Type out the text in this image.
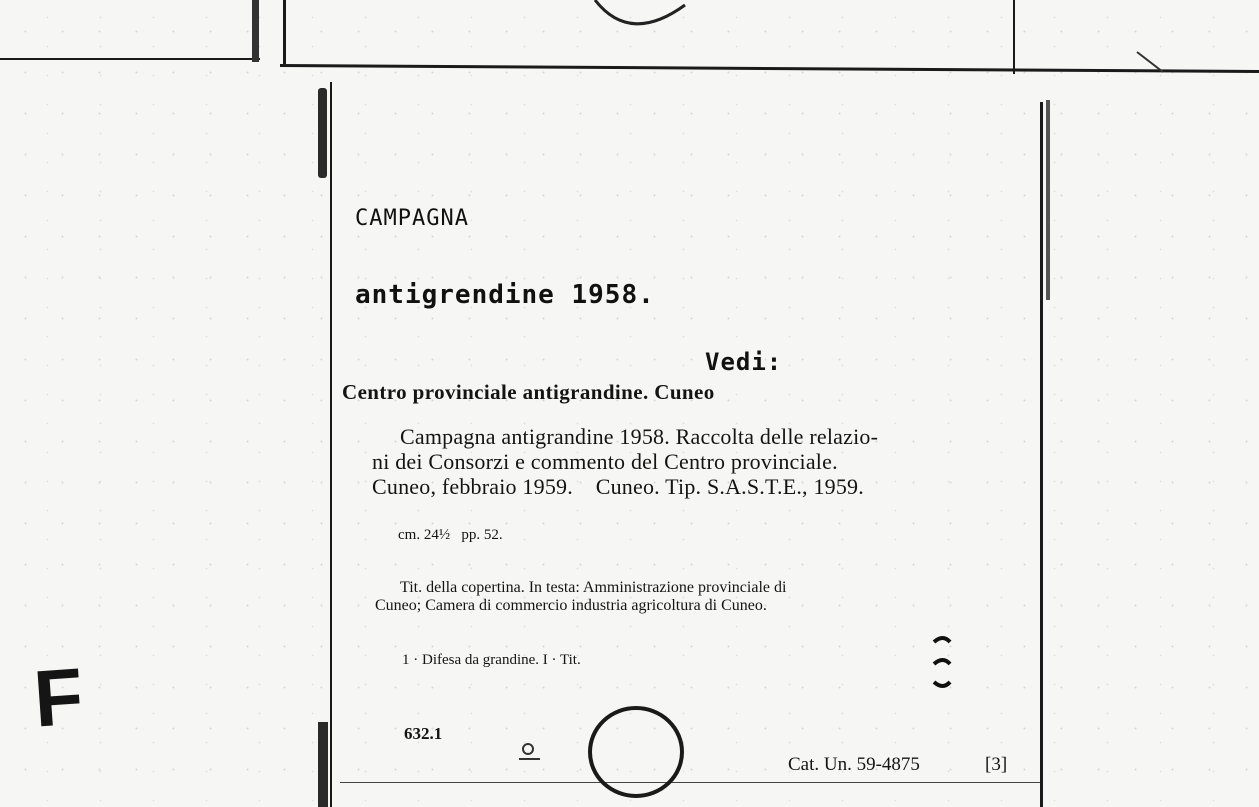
CAMPAGNA
antigrendine 1958.
Vedi:
Centro provinciale antigrandine. Cuneo
Campagna antigrandine 1958. Raccolta delle relazio-
ni dei Consorzi e commento del Centro provinciale.
Cuneo, febbraio 1959.    Cuneo. Tip. S.A.S.T.E., 1959.
cm. 24½   pp. 52.
Tit. della copertina. In testa: Amministrazione provinciale di
Cuneo; Camera di commercio industria agricoltura di Cuneo.
1 · Difesa da grandine. I · Tit.
632.1
Cat. Un. 59-4875	[3]
F
